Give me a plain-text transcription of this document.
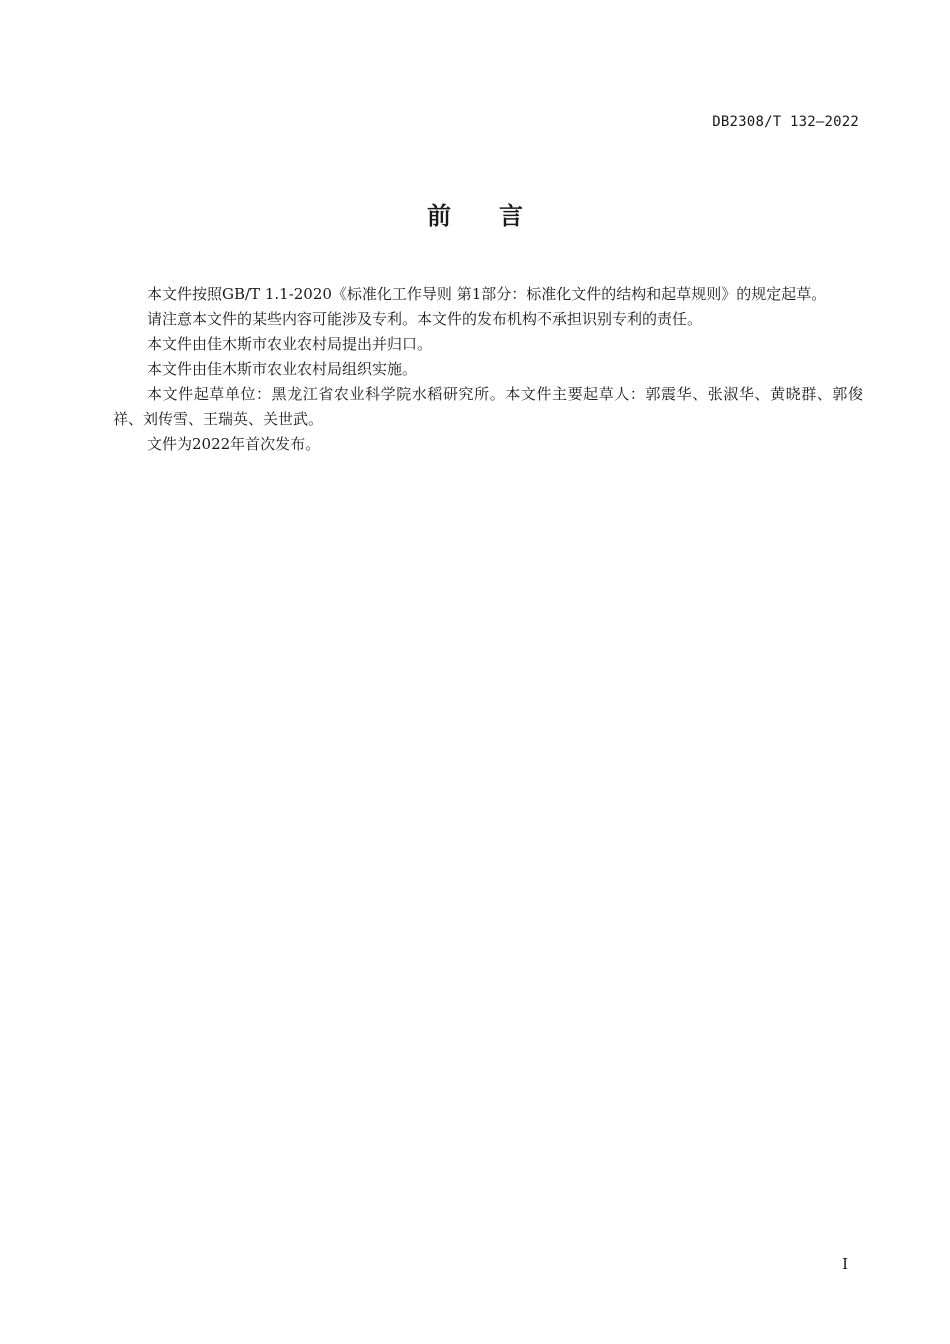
DB2308/T 132—2022
前言

本文件按照GB/T 1.1-2020《标准化工作导则 第1部分：标准化文件的结构和起草规则》的规定起草。

请注意本文件的某些内容可能涉及专利。本文件的发布机构不承担识别专利的责任。

本文件由佳木斯市农业农村局提出并归口。

本文件由佳木斯市农业农村局组织实施。

本文件起草单位：黑龙江省农业科学院水稻研究所。本文件主要起草人：郭震华、张淑华、黄晓群、郭俊祥、刘传雪、王瑞英、关世武。

文件为2022年首次发布。

I
